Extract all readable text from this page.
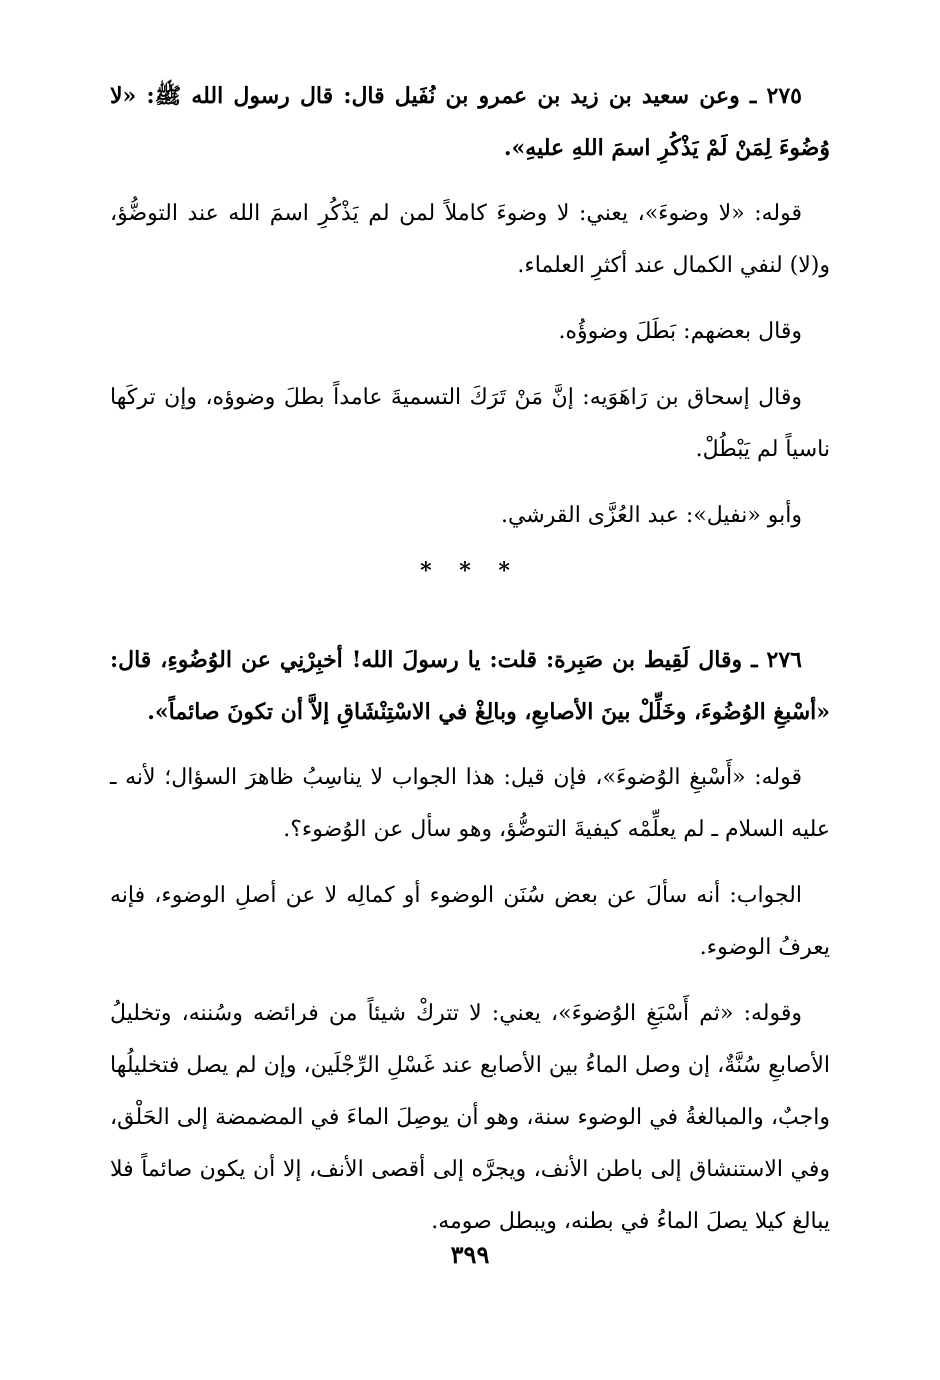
٢٧٥ ـ وعن سعيد بن زيد بن عمرو بن نُفَيل قال: قال رسول الله ﷺ: «لا وُضُوءَ لِمَنْ لَمْ يَذْكُرِ اسمَ اللهِ عليهِ».

قوله: «لا وضوءَ»، يعني: لا وضوءَ كاملاً لمن لم يَذْكُرِ اسمَ الله عند التوضُّؤ، و(لا) لنفي الكمال عند أكثرِ العلماء.

وقال بعضهم: بَطَلَ وضوؤُه.

وقال إسحاق بن رَاهَوَيه: إنَّ مَنْ تَرَكَ التسميةَ عامداً بطلَ وضوؤه، وإن تركَها ناسياً لم يَبْطُلْ.

وأبو «نفيل»: عبد العُزَّى القرشي.

* * *

٢٧٦ ـ وقال لَقِيط بن صَبِرة: قلت: يا رسولَ الله! أخبِرْنِي عن الوُضُوءِ، قال: «أسْبغِ الوُضُوءَ، وخَلِّلْ بينَ الأصابعِ، وبالِغْ في الاسْتِنْشَاقِ إلاَّ أن تكونَ صائماً».

قوله: «أَسْبغِ الوُضوءَ»، فإن قيل: هذا الجواب لا يناسِبُ ظاهرَ السؤال؛ لأنه ـ عليه السلام ـ لم يعلِّمْه كيفيةَ التوضُّؤ، وهو سأل عن الوُضوء؟.

الجواب: أنه سألَ عن بعض سُنَن الوضوء أو كمالِه لا عن أصلِ الوضوء، فإنه يعرفُ الوضوء.

وقوله: «ثم أَسْبَغِ الوُضوءَ»، يعني: لا تتركْ شيئاً من فرائضه وسُننه، وتخليلُ الأصابعِ سُنَّةٌ، إن وصل الماءُ بين الأصابع عند غَسْلِ الرِّجْلَين، وإن لم يصل فتخليلُها واجبٌ، والمبالغةُ في الوضوء سنة، وهو أن يوصِلَ الماءَ في المضمضة إلى الحَلْق، وفي الاستنشاق إلى باطن الأنف، ويجرَّه إلى أقصى الأنف، إلا أن يكون صائماً فلا يبالغ كيلا يصلَ الماءُ في بطنه، ويبطل صومه.

٣٩٩
